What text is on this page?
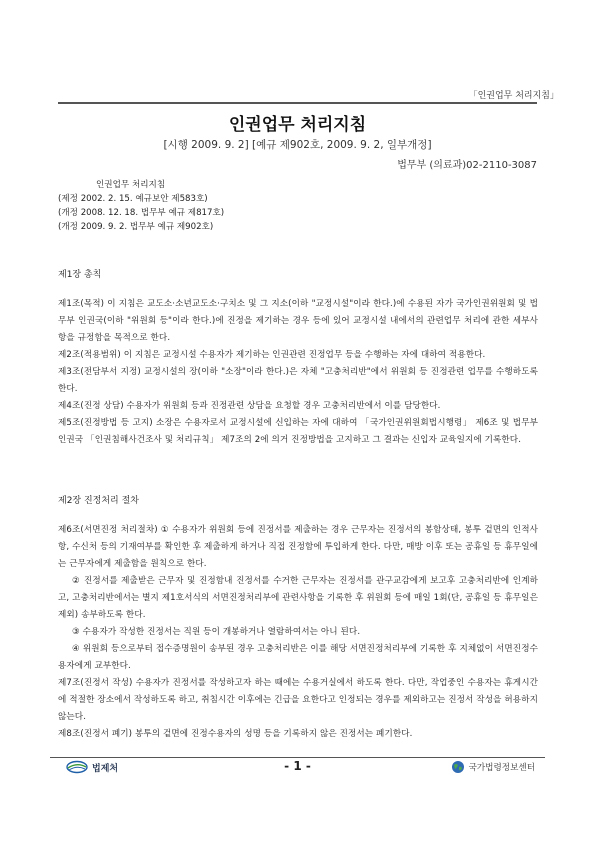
「인권업무 처리지침」
인권업무 처리지침
[시행 2009. 9. 2] [예규 제902호, 2009. 9. 2, 일부개정]
법무부 (의료과)02-2110-3087
인권업무 처리지침
(제정 2002. 2. 15. 예규보안 제583호)
(개정 2008. 12. 18. 법무부 예규 제817호)
(개정 2009. 9. 2. 법무부 예규 제902호)
제1장 총칙

제1조(목적) 이 지침은 교도소·소년교도소·구치소 및 그 지소(이하 "교정시설"이라 한다.)에 수용된 자가 국가인권위원회 및 법무부 인권국(이하 "위원회 등"이라 한다.)에 진정을 제기하는 경우 등에 있어 교정시설 내에서의 관련업무 처리에 관한 세부사항을 규정함을 목적으로 한다.

제2조(적용범위) 이 지침은 교정시설 수용자가 제기하는 인권관련 진정업무 등을 수행하는 자에 대하여 적용한다.

제3조(전담부서 지정) 교정시설의 장(이하 "소장"이라 한다.)은 자체 "고충처리반"에서 위원회 등 진정관련 업무를 수행하도록 한다.

제4조(진정 상담) 수용자가 위원회 등과 진정관련 상담을 요청할 경우 고충처리반에서 이를 담당한다.

제5조(진정방법 등 고지) 소장은 수용자로서 교정시설에 신입하는 자에 대하여 「국가인권위원회법시행령」 제6조 및 법무부 인권국 「인권침해사건조사 및 처리규칙」 제7조의 2에 의거 진정방법을 고지하고 그 결과는 신입자 교육일지에 기록한다.

제2장 진정처리 절차

제6조(서면진정 처리절차) ① 수용자가 위원회 등에 진정서를 제출하는 경우 근무자는 진정서의 봉함상태, 봉투 겉면의 인적사항, 수신처 등의 기재여부를 확인한 후 제출하게 하거나 직접 진정함에 투입하게 한다. 다만, 매방 이후 또는 공휴일 등 휴무일에는 근무자에게 제출함을 원칙으로 한다.

② 진정서를 제출받은 근무자 및 진정함내 진정서를 수거한 근무자는 진정서를 관구교감에게 보고후 고충처리반에 인계하고, 고충처리반에서는 별지 제1호서식의 서면진정처리부에 관련사항을 기록한 후 위원회 등에 매일 1회(단, 공휴일 등 휴무일은 제외) 송부하도록 한다.

③ 수용자가 작성한 진정서는 직원 등이 개봉하거나 열람하여서는 아니 된다.

④ 위원회 등으로부터 접수증명원이 송부된 경우 고충처리반은 이를 해당 서면진정처리부에 기록한 후 지체없이 서면진정수용자에게 교부한다.

제7조(진정서 작성) 수용자가 진정서를 작성하고자 하는 때에는 수용거실에서 하도록 한다. 다만, 작업중인 수용자는 휴게시간에 적절한 장소에서 작성하도록 하고, 취침시간 이후에는 긴급을 요한다고 인정되는 경우를 제외하고는 진정서 작성을 허용하지 않는다.

제8조(진정서 폐기) 봉투의 겉면에 진정수용자의 성명 등을 기록하지 않은 진정서는 폐기한다.

법제처	- 1 -	국가법령정보센터
